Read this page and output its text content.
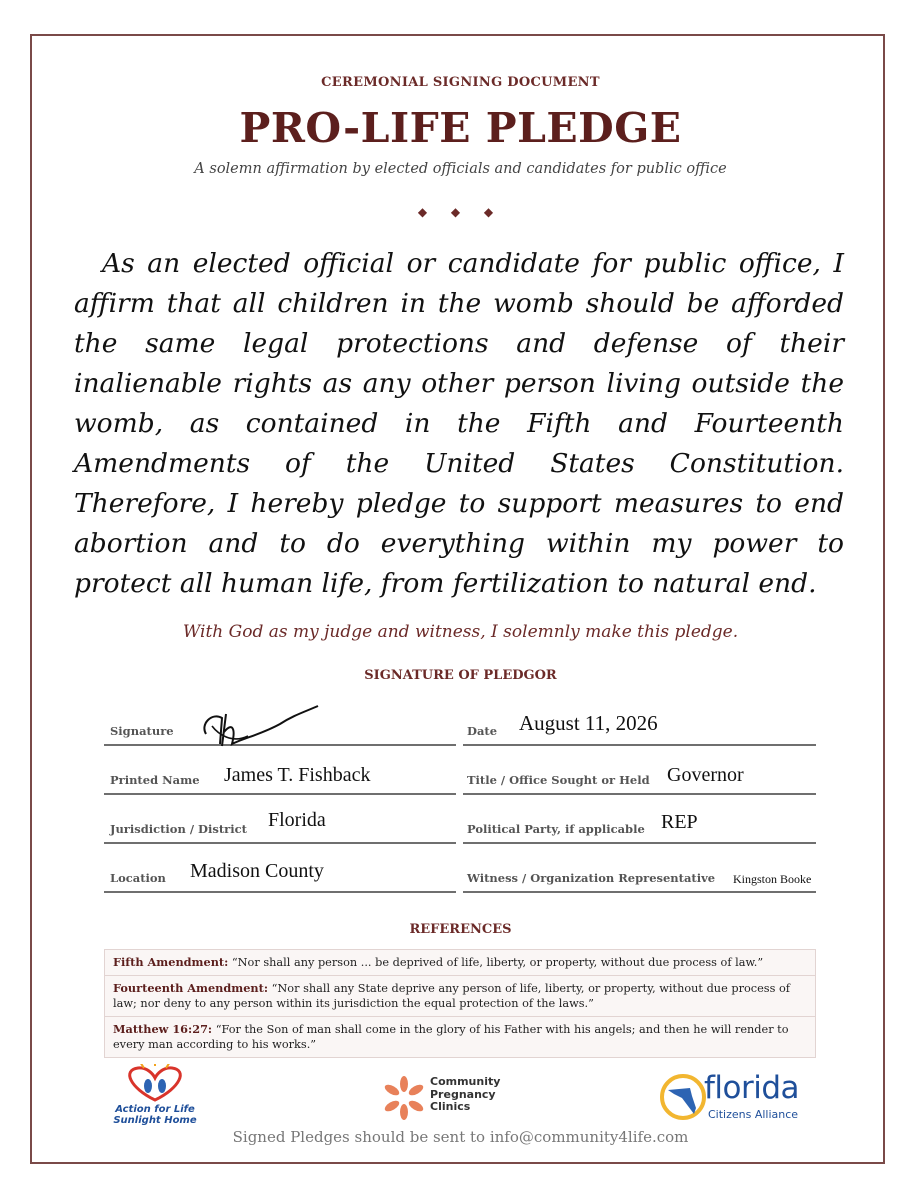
CEREMONIAL SIGNING DOCUMENT
PRO-LIFE PLEDGE
A solemn affirmation by elected officials and candidates for public office
◆ ◆ ◆
As an elected official or candidate for public office, I affirm that all children in the womb should be afforded the same legal protections and defense of their inalienable rights as any other person living outside the womb, as contained in the Fifth and Fourteenth Amendments of the United States Constitution. Therefore, I hereby pledge to support measures to end abortion and to do everything within my power to protect all human life, from fertilization to natural end.
With God as my judge and witness, I solemnly make this pledge.
SIGNATURE OF PLEDGOR
Signature	Date August 11, 2026
Printed Name James T. Fishback	Title / Office Sought or Held Governor
Jurisdiction / District Florida	Political Party, if applicable REP
Location Madison County	Witness / Organization Representative Kingston Booke
REFERENCES
Fifth Amendment: “Nor shall any person ... be deprived of life, liberty, or property, without due process of law.”
Fourteenth Amendment: “Nor shall any State deprive any person of life, liberty, or property, without due process of law; nor deny to any person within its jurisdiction the equal protection of the laws.”
Matthew 16:27: “For the Son of man shall come in the glory of his Father with his angels; and then he will render to every man according to his works.”
Action for Life
Sunlight Home
Community
Pregnancy
Clinics
florida
Citizens Alliance
Signed Pledges should be sent to info@community4life.com
